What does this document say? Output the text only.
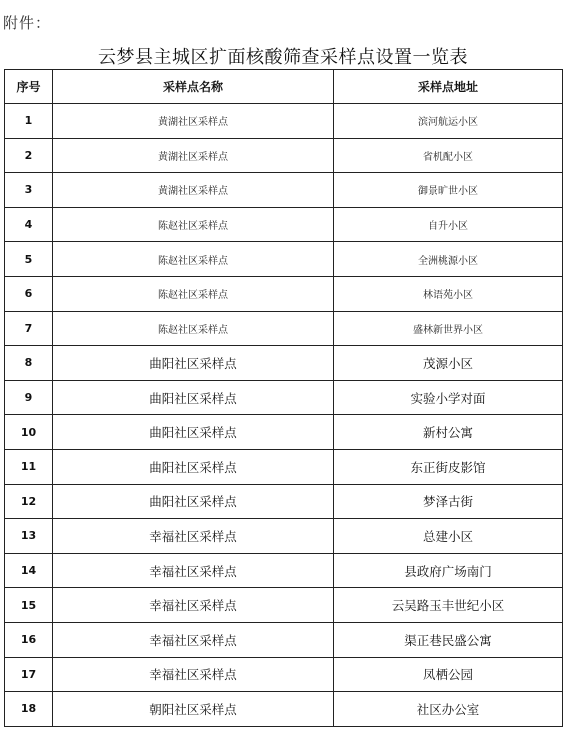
附件：
云梦县主城区扩面核酸筛查采样点设置一览表
序号	采样点名称	采样点地址
1	黄湖社区采样点	滨河航运小区
2	黄湖社区采样点	省机配小区
3	黄湖社区采样点	御景旷世小区
4	陈赵社区采样点	自升小区
5	陈赵社区采样点	全洲桃源小区
6	陈赵社区采样点	林语苑小区
7	陈赵社区采样点	盛林新世界小区
8	曲阳社区采样点	茂源小区
9	曲阳社区采样点	实验小学对面
10	曲阳社区采样点	新村公寓
11	曲阳社区采样点	东正街皮影馆
12	曲阳社区采样点	梦泽古街
13	幸福社区采样点	总建小区
14	幸福社区采样点	县政府广场南门
15	幸福社区采样点	云吴路玉丰世纪小区
16	幸福社区采样点	渠正巷民盛公寓
17	幸福社区采样点	凤栖公园
18	朝阳社区采样点	社区办公室
